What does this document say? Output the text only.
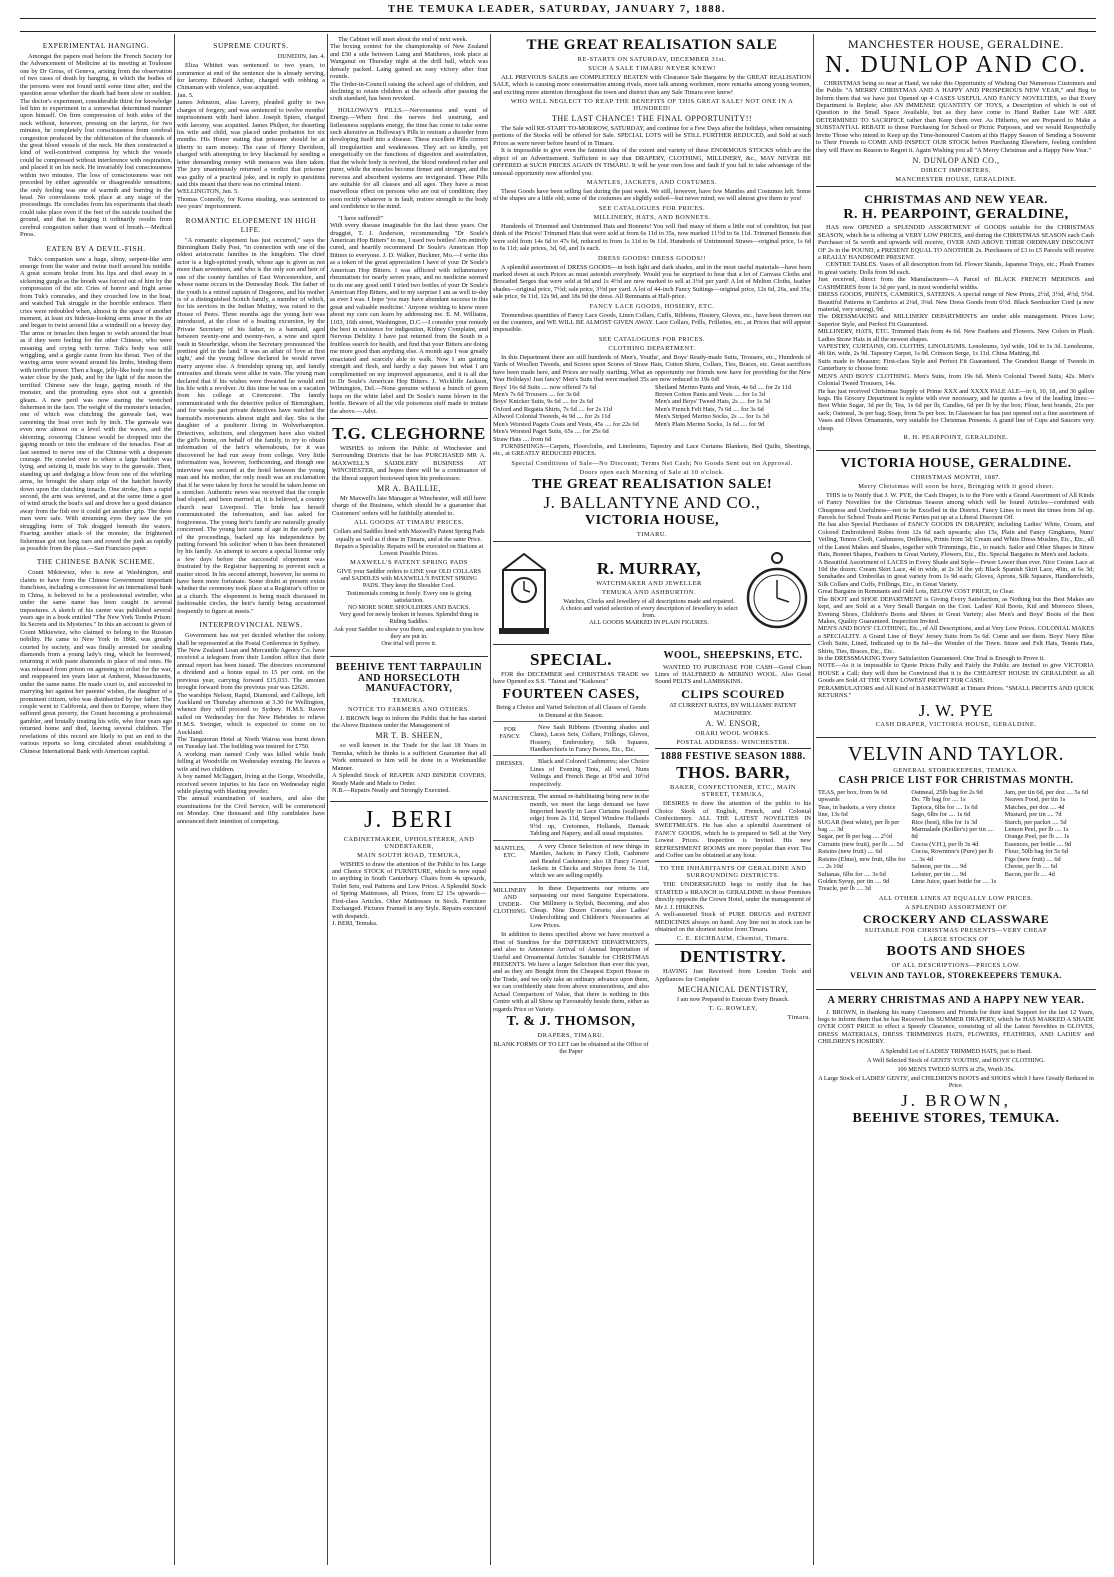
THE TEMUKA LEADER, SATURDAY, JANUARY 7, 1888.
EXPERIMENTAL HANGING.

Amongst the papers read before the French Society for the Advancement of Medicine at its meeting at Toulouse one by Dr Gross, of Geneva, arising from the observation of two cases of death by hanging, in which the bodies of the persons were not found until some time after, and the question arose whether the death had been slow or sudden. The doctor's experiment, considerable thirst for knowledge led him to experiment in a somewhat determined manner upon himself. On firm compression of both sides of the neck without, however, pressing on the larynx, for two minutes, he completely lost consciousness from cerebral congestion produced by the obliteration of the channels of the great blood vessels of the neck. He then constructed a kind of well-contrived compress by which the vessels could be compressed without interference with respiration, and placed it on his neck. He invariably lost consciousness within two minutes. The loss of consciousness was not preceded by either agreeable or disagreeable sensations; the only feeling was one of warmth and burning in the head. No convulsions took place at any stage of the proceedings. He concludes from his experiments that death could take place even if the feet of the suicide touched the ground, and that in hanging it ordinarily results from cerebral congestion rather than want of breath.—Medical Press.

EATEN BY A DEVIL-FISH.

Tuk's companion saw a huge, slimy, serpent-like arm emerge from the water and twine itself around his middle. A great scream broke from his lips and died away in a sickening gurgle as the breath was forced out of him by the compression of the stir. Cries of horror and fright arose from Tuk's comrades, and they crouched low in the boat, and watched Tuk struggle in the horrible embrace. Their cries were redoubled when, almost in the space of another moment, at least six hideous-looking arms arose in the air and began to twist around like a windmill on a breezy day. The arms or tenacles then began to swish around the boat as if they were feeling for the other Chinese, who were moaning and crying with terror. Tuk's body was still wriggling, and a gurgle came from his throat. Two of the waving arms were wound around his limbs, binding them with terrific power. Then a huge, jelly-like body rose in the water close by the junk, and by the light of the moon the terrified Chinese saw the huge, gaping mouth of the monster, and the protruding eyes shot out a greenish gleam. A new peril was now staring the wretched fishermen in the face. The weight of the monster's tenacles, one of which was clutching the gunwale fast, was careening the boat over inch by inch. The gunwale was even now almost on a level with the waves, and the shivering, cowering Chinese would be dropped into the gaping mouth or into the embrace of the tenacles. Fear at last seemed to nerve one of the Chinese with a desperate courage. He crawled over to where a large hatchet was lying, and seizing it, made his way to the gunwale. Then, standing up and dodging a blow from one of the whirling arms, he brought the sharp edge of the hatchet heavily down upon the clutching tenacle. One stroke, then a rapid second, the arm was severed, and at the same time a gust of wind struck the boat's sail and drove her a good distance away from the fish ere it could get another grip. The three men were safe. With streaming eyes they saw the yet struggling form of Tuk dragged beneath the waters. Fearing another attack of the monster, the frightened fisherman got out long oars and rowed the junk as rapidly as possible from the place.—San Francisco paper.

THE CHINESE BANK SCHEME.

Count Mikiewiez, who is now at Washington, and claims to have from the Chinese Government important franchises, including a concession for an international bank in China, is believed to be a professional swindler, who under the same name has been caught in several impostures. A sketch of his career was published several years ago in a book entitled "The New York Tombs Prison: Its Secrets and its Mysteries." In this an account is given of Count Mikiewiez, who claimed to belong to the Russian nobility. He came to New York in 1868, was greatly courted by society, and was finally arrested for stealing diamonds from a young lady's ring, which he borrowed, returning it with paste diamonds in place of real ones. He was released from prison on agreeing to enlist for the war, and reappeared ten years later at Amherst, Massachusetts, under the same name. He made court to, and succeeded in marrying her against her parents' wishes, the daughter of a prominent citizen, who was disinherited by her father. The couple went to California, and then to Europe, where they suffered great poverty, the Count becoming a professional gambler, and brutally treating his wife, who four years ago returned home and died, leaving several children. The revelations of this record are likely to put an end to the various reports so long circulated about establishing a Chinese International Bank with American capital.

SUPREME COURTS.
DUNEDIN, Jan. 4.

Eliza Whittet was sentenced to two years, to commence at end of the sentence she is already serving, for larceny. Edward Arthur, charged with robbing a Chinaman with violence, was acquitted.
Jan. 5.
James Johnston, alias Lavery, pleaded guilty to two charges of forgery, and was sentenced to twelve months' imprisonment with hard labor. Joseph Spiers, charged with larceny, was acquitted. James Philpot, for deserting his wife and child, was placed under probation for six months. His Honor stating that prisoner should be at liberty to earn money. The case of Henry Davidson, charged with attempting to levy blackmail by sending a letter demanding money with menaces was then taken. The jury unanimously returned a verdict that prisoner was guilty of a practical joke, and in reply to questions said this meant that there was no criminal intent.
WELLINGTON, Jan. 5.
Thomas Connolly, for Korea stealing, was sentenced to two years' imprisonment.

ROMANTIC ELOPEMENT IN HIGH LIFE.

"A romantic elopement has just occurred," says the Birmingham Daily Post, "in connection with one of the oldest aristocratic families in the kingdom. The chief actor is a high-spirited youth, whose age is given as not more than seventeen, and who is the only son and heir of one of the county families of East Worcestershire, and whose name occurs in the Domesday Book. The father of the youth is a retired captain of Dragoons, and his mother is of a distinguished Scotch family, a member of which, for his services in the Indian Mutiny, was raised to the House of Peers. Three months ago the young heir was introduced, at the close of a boating excursion, by the Private Secretary of his father, to a barmaid, aged between twenty-one and twenty-two, a wine and spirit vault in Stourbridge, whom the Secretary pronounced 'the prettiest girl in the land.' It was an affair of 'love at first sight,' and the young fellow declared he would never marry anyone else. A friendship sprang up, and family entreaties and threats were alike in vain. The young man declared that if his wishes were thwarted he would end his life with a revolver. At this time he was on a vacation from his college at Cirencester. The family communicated with the detective police of Birmingham, and for weeks past private detectives have watched the barmaid's movements almost night and day. She is the daughter of a poulterer living in Wolverhampton. Detectives, solicitors, and clergymen have also visited the girl's home, on behalf of the family, to try to obtain information of the heir's whereabouts, for it was discovered he had run away from college. Very little information was, however, forthcoming, and though one interview was secured at the hotel between the young man and his mother, the only result was an exclamation that if he were taken by force he would be taken home on a stretcher. Authentic news was received that the couple had eloped, and been married at, it is believed, a country church near Liverpool. The bride has herself communicated the information, and has asked for forgiveness. The young heir's family are naturally greatly concerned. The young heir came of age in the early part of the proceedings, backed up his independence by putting forward 'his solicitor' when it has been threatened by his family. An attempt to secure a special license only a few days before the successful elopement was frustrated by the Registrar happening to prevent such a matter stood. In his second attempt, however, he seems to have been more fortunate. Some doubt at present exists whether the ceremony took place at a Registrar's office or at a church. The elopement is being much discussed in fashionable circles, the heir's family being accustomed frequently to figure at meets."

INTERPROVINCIAL NEWS.

Government has not yet decided whether the colony shall be represented at the Postal Conference in Sydney.
The New Zealand Loan and Mercantile Agency Co. have received a telegram from their London office that their annual report has been issued. The directors recommend a dividend and a bonus equal to 15 per cent. on the previous year, carrying forward £15,033. The amount brought forward from the previous year was £2626.
The warships Nelson, Rapid, Diamond, and Calliope, left Auckland on Thursday afternoon at 3.30 for Wellington, whence they will proceed to Sydney. H.M.S. Raven sailed on Wednesday for the New Hebrides to relieve H.M.S. Swinger, which is expected to come on to Auckland.
The Tangatoran Hotel at North Wairoa was burnt down on Tuesday last. The building was insured for £750.
A working man named Cody was killed while bush felling at Woodville on Wednesday evening. He leaves a wife and two children.
A boy named McTaggart, living at the Gorge, Woodville, received severe injuries to his face on Wednesday night while playing with blasting powder.
The annual examination of teachers, and also the examinations for the Civil Service, will be commenced on Monday. One thousand and fifty candidates have announced their intention of competing.

The Cabinet will meet about the end of next week.
The boxing contest for the championship of New Zealand and £50 a side between Laing and Matthews, took place at Wanganui on Thursday night at the drill hall, which was densely packed. Laing gained an easy victory after four rounds.
The Order-in-Council raising the school age of children, and declining to retain children at the schools after passing the sixth standard, has been revoked.

HOLLOWAY'S PILLS.—Nervousness and want of Energy.—When first the nerves feel unstrung, and listlessness supplants energy, the time has come to take some such alterative as Holloway's Pills to restrain a disorder from developing itself into a disease. These excellent Pills correct all irregularities and weaknesses. They act so kindly, yet energetically on the functions of digestion and assimilation, that the whole body is revived, the blood rendered richer and purer, while the muscles become firmer and stronger, and the nervous and absorbent systems are invigorated. These Pills are suitable for all classes and all ages. They have a most marvellous effect on persons who are out of condition; they soon rectify whatever is in fault, restore strength to the body and confidence to the mind.

"I have suffered!"
With every disease imaginable for the last three years. Our druggist, T. J. Anderson, recommending "Dr Soule's American Hop Bitters" to me, I used two bottles! Am entirely cured, and heartily recommend Dr Soule's American Hop Bitters to everyone. J. D. Walker, Buckner, Mo.—I write this as a token of the great appreciation I have of your Dr Soule's American Hop Bitters. I was afflicted with inflammatory rheumatism for nearly seven years, and no medicine seemed to do me any good until I tried two bottles of your Dr Soule's American Hop Bitters, and to my surprise I am as well to-day as ever I was. I hope 'you may have abundant success in this great and valuable medicine.' Anyone wishing to know more about my cure can learn by addressing me. E. M. Williams, 1103, 16th street, Washington, D.C.—I consider your remedy the best in existence for indigestion, Kidney Complaint, and Nervous Debility. I have just returned from the South in a fruitless search for health, and find that your Bitters are doing me more good than anything else. A month ago I was greatly emaciated and scarcely able to walk. Now I am gaining strength and flesh, and hardly a day passes but what I am complimented on my improved appearance, and it is all due to Dr Soule's American Hop Bitters. J. Wickliffe Jackson, Wilmington, Del.—None genuine without a bunch of green hops on the white label and Dr Soule's name blown in the bottle. Beware of all the vile poisonous stuff made to imitate the above.—Advt.

T.G. CLEGHORNE

WISHES to inform the Public of Winchester and Surrounding Districts that he has PURCHASED MR A. MAXWELL'S SADDLERY BUSINESS AT WINCHESTER, and hopes there will be a continuance of the liberal support bestowed upon his predecessor.

MR A. BAILLIE,

Mr Maxwell's late Manager at Winchester, will still have charge of the Business, which should be a guarantee that Customers' orders will be faithfully attended to.

ALL GOODS AT TIMARU PRICES.

Collars and Saddles lined with Maxwell's Patent Spring Pads equally as well as if done in Timaru, and at the same Price.
Repairs a Speciality. Repairs will be executed on Stations at Lowest Possible Prices.

MAXWELL'S PATENT SPRING PADS

GIVE your Saddler orders to LINE your OLD COLLARS and SADDLES with MAXWELL'S PATENT SPRING PADS. They keep the Shoulder Cool.
Testimonials coming in freely. Every one is giving satisfaction.
NO MORE SORE SHOULDERS AND BACKS.
Very good for newly broken in horses. Splendid thing in Riding Saddles.
Ask your Saddler to show you them, and explain to you how they are put in.
One trial will prove it.

BEEHIVE TENT TARPAULIN AND HORSECLOTH MANUFACTORY,
TEMUKA.
NOTICE TO FARMERS AND OTHERS.

J. BROWN begs to inform the Public that he has started the Above Business under the Management of

MR T. B. SHEEN,

so well known in the Trade for the last 18 Years in Temuka, which he thinks is a sufficient Guarantee that all Work entrusted to him will be done in a Workmanlike Manner.
A Splendid Stock of REAPER AND BINDER COVERS, Ready Made and Made to Order.
N.B.—Repairs Neatly and Strongly Executed.

J. BERI
CABINETMAKER, UPHOLSTERER, AND UNDERTAKER,
MAIN SOUTH ROAD, TEMUKA,

WISHES to draw the attention of the Public to his Large and Choice STOCK of FURNITURE, which is now equal to anything in South Canterbury. Chairs from 4s upwards, Toilet Sets, real Patterns and Low Prices. A Splendid Stock of Spring Mattresses, all Prices, from £2 15s upwards—First-class Articles. Other Mattresses in Stock. Furniture Exchanged. Pictures Framed in any Style. Repairs executed with despatch.
J. BERI, Temuka.

THE GREAT REALISATION SALE
RE-STARTS ON SATURDAY, DECEMBER 31st.
SUCH A SALE TIMARU NEVER KNEW!

ALL PREVIOUS SALES are COMPLETELY BEATEN with Clearance Sale Bargains by the GREAT REALISATION SALE, which is causing more consternation among rivals, more talk among workmen, more remarks among young women, and exciting more attention throughout the town and district than any Sale Timaru ever knew!

WHO WILL NEGLECT TO REAP THE BENEFITS OF THIS GREAT SALE? NOT ONE IN A HUNDRED!
THE LAST CHANCE! THE FINAL OPPORTUNITY!!

The Sale will RE-START TO-MORROW, SATURDAY, and continue for a Few Days after the holidays, when remaining portions of the Stocks will be offered for Sale. SPECIAL LOTS will be STILL FURTHER REDUCED, and Sold at such Prices as were never before heard of in Timaru.

It is impossible to give even the faintest idea of the extent and variety of these ENORMOUS STOCKS which are the object of an Advertisement. Sufficient to say that DRAPERY, CLOTHING, MILLINERY, &c., MAY NEVER BE OFFERED at SUCH PRICES AGAIN IN TIMARU. It will be your own loss and fault if you fail to take advantage of the unusual opportunity now afforded you.

MANTLES, JACKETS, AND COSTUMES.

These Goods have been selling fast during the past week. We still, however, have few Mantles and Costumes left. Some of the shapes are a little old; some of the costumes are slightly soiled—but never mind; we will almost give them to you!

SEE CATALOGUES FOR PRICES.
MILLINERY, HATS, AND BONNETS.

Hundreds of Trimmed and Untrimmed Hats and Bonnets! You will find many of them a little out of condition, but just think of the Prices! Trimmed Hats that were sold at from 6s 11d to 35s, now marked 11½d to 6s 11d. Trimmed Bonnets that were sold from 14s 6d to 47s 6d, reduced to from 1s 11d to 9s 11d. Hundreds of Untrimmed Straws—original price, 1s 6d to 6s 11d; sale prices, 3d, 6d, and 1s each.

DRESS GOODS! DRESS GOODS!!

A splendid assortment of DRESS GOODS—in both light and dark shades, and in the most useful materials—have been marked down at such Prices as must astonish everybody. Would you be surprised to hear that a lot of Canvass Cloths and Brocaded Serges that were sold at 9d and 1s 4½d are now marked to sell at 3½d per yard! A lot of Melton Cloths, leather shades—original price, 7½d; sale price, 3½d per yard. A lot of 44-inch Fancy Suitings—original price, 12s 6d, 26s, and 35s; sale price, 9s 11d, 12s 9d, and 18s 9d the dress. All Remnants at Half-price.

FANCY LACE GOODS, HOSIERY, ETC.

Tremendous quantities of Fancy Lace Goods, Linen Collars, Cuffs, Ribbons, Hosiery, Gloves, etc., have been thrown out on the counters, and WE WILL BE ALMOST GIVEN AWAY. Lace Collars, Frills, Frillettes, etc., at Prices that will appear impossible.

SEE CATALOGUES FOR PRICES.
CLOTHING DEPARTMENT.

In this Department there are still hundreds of Men's, Youths', and Boys' Ready-made Suits, Trousers, etc., Hundreds of Yards of Woollen Tweeds, and Scores upon Scores of Straw Hats, Cotton Shirts, Collars, Ties, Braces, etc. Great sacrifices have been made here, and Prices are really startling. What an opportunity our friends now have for providing for the New Year Holidays! Just fancy! Men's Suits that were marked 35s are now reduced to 19s 6d!

Boys' 16s 6d Suits .... now offered 7s 6d
Men's 7s 6d Trousers .... for 3s 6d
Boys' Knicker Suits, 9s 6d .... for 2s 6d
Oxford and Regatta Shirts, 7s 6d .... for 2s 11d
Allwool Colonial Tweeds, 4s 9d .... for 2s 11d
Men's Worsted Pagets Coats and Vests, 45s .... for 22s 6d
Men's Worsted Paget Suits, 65s .... for 25s 6d
Straw Hats .... from 6d
Shetland Merino Pants and Vests, 4s 6d .... for 2s 11d
Brown Cotton Pants and Vests .... for 1s 3d
Men's and Boys' Tweed Hats, 2s .... for 1s 3d
Men's French Felt Hats, 7s 6d .... for 3s 6d
Men's Striped Merino Socks, 2s .... for 1s 3d
Men's Plain Merino Socks, 1s 6d .... for 9d

FURNISHINGS—Carpets, Floorcloths, and Linoleums, Tapestry and Lace Curtains Blankets, Bed Quilts, Sheetings, etc., at GREATLY REDUCED PRICES.

Special Conditions of Sale—No Discount; Terms Net Cash; No Goods Sent out on Approval.
Doors open each Morning of Sale at 10 o'clock.
THE GREAT REALISATION SALE!
J. BALLANTYNE AND CO.,
VICTORIA HOUSE,
TIMARU.
R. MURRAY,
WATCHMAKER AND JEWELLER
TEMUKA AND ASHBURTON.

Watches, Clocks and Jewellery of all descriptions made and repaired.
A choice and varied selection of every description of Jewellery to select from.
ALL GOODS MARKED IN PLAIN FIGURES.

SPECIAL.

FOR the DECEMBER and CHRISTMAS TRADE we have Opened ex S.S. "Tainui and "Kaikoura"

FOURTEEN CASES,

Being a Choice and Varied Selection of all Classes of Goods in Demand at this Season.

FOR FANCY.
New Sash Ribbons (Evening shades and Clans), Laces Sets, Collars, Frillings, Gloves, Hosiery, Embroidery, Silk Squares, Handkerchiefs in Fancy Boxes, Etc., Etc.
DRESSES.	Black and Colored Cashmeres; also Choice Lines of Evening Tints, all wool, Nuns Veilings and French Bege at 8½d and 10½d respectively.
MANCHESTER. The annual re-habilitating being now in the month, we meet the large demand we have Imported heavily in Lace Curtains (scalloped edge) from 2s 11d, Striped Window Hollands 9½d up, Cretonnes, Hollands, Damask Tabling and Napery, and all usual requisites.
MANTLES, ETC.
A very Choice Selection of new things in Mantles, Jackets in Fancy Cloth, Cashmere and Beaded Cashmere; also 18 Fancy Covert Jackets in Checks and Stripes from 3s 11d, which we are selling rapidly.
MILLINERY AND UNDER-CLOTHING.
In these Departments our returns are surpassing our most Sanguine Expectations. Our Millinery is Stylish, Becoming, and also Cheap. Nine Dozen Corsets; also Ladies' Underclothing and Children's Necessaries at Low Prices.

In addition to items specified above we have received a Host of Sundries for the DIFFERENT DEPARTMENTS, and also to Announce Arrival of Annual Importation of Useful and Ornamental Articles Suitable for CHRISTMAS PRESENTS. We have a larger Selection than ever this year, and as they are Bought from the Cheapest Export House in the Trade, and we only take an ordinary advance upon them, we can confidently state from above enumerations, and also Actual Comparison of Value, that there is nothing in this Centre with at all Show up Favourably beside them, either as regards Price or Variety.

T. & J. THOMSON,
DRAPERS, TIMARU.

BLANK FORMS OF TO LET can be obtained at the Office of the Paper

WOOL, SHEEPSKINS, ETC.

WANTED TO PURCHASE FOR CASH—Good Clean Lines of HALFBRED & MERINO WOOL. Also Good Sound PELTS and LAMBSKINS.

CLIPS SCOURED

AT CURRENT RATES, BY WILLIAMS' PATENT MACHINERY.

A. W. ENSOR,
ORARI WOOL WORKS.
POSTAL ADDRESS: WINCHESTER.
1888 FESTIVE SEASON 1888.
THOS. BARR,
BAKER, CONFECTIONER, ETC., MAIN STREET, TEMUKA,

DESIRES to draw the attention of the public to his Choice Stock of English, French, and Colonial Confectionery. ALL THE LATEST NOVELTIES IN SWEETMEATS. He has also a splendid Assortment of FANCY GOODS, which he is prepared to Sell at the Very Lowest Prices. Inspection is Invited. His new REFRESHMENT ROOMS are more popular than ever. Tea and Coffee can be obtained at any hour.

TO THE INHABITANTS OF GERALDINE AND SURROUNDING DISTRICTS.

THE UNDERSIGNED begs to notify that he has STARTED a BRANCH in GERALDINE in those Premises directly opposite the Crown Hotel, under the management of Mr J. J. HISKENS.
A well-assorted Stock of PURE DRUGS and PATENT MEDICINES always on hand. Any line not in stock can be obtained on the shortest notice from Timaru.

C. E. EICHBAUM, Chemist, Timaru.
DENTISTRY.

HAVING Just Received from London Tools and Appliances for Complete

MECHANICAL DENTISTRY,

I am now Prepared to Execute Every Branch.

T. G. ROWLEY,
Timaru.
MANCHESTER HOUSE, GERALDINE.
N. DUNLOP AND CO.

CHRISTMAS being so near at Hand, we take this Opportunity of Wishing Our Numerous Customers and the Public "A MERRY CHRISTMAS AND A HAPPY AND PROSPEROUS NEW YEAR," and Beg to Inform them that we have just Opened up 4 CASES USEFUL AND FANCY NOVELTIES, so that Every Department is Replete; also AN IMMENSE QUANTITY OF TOYS, a Description of which is out of Question in the Small Space Available, but as they have come to Hand Rather Late WE ARE DETERMINED TO SACRIFICE rather than Keep them over. As Hitherto, we are Prepared to Make a SUBSTANTIAL REBATE to those Purchasing for School or Picnic Purposes, and we would Respectfully Invite Those who intend to Keep up the Time-honoured Custom at this Happy Season of Sending a Souvenir to Their Friends to COME AND INSPECT OUR STOCK before Purchasing Elsewhere, feeling confident they will Have no Reason to Regret it. Again Wishing you all "A Merry Christmas and a Happy New Year."

N. DUNLOP AND CO.,
DIRECT IMPORTERS,
MANCHESTER HOUSE, GERALDINE.
CHRISTMAS AND NEW YEAR.
R. H. PEARPOINT, GERALDINE,

HAS now OPENED a SPLENDID ASSORTMENT of GOODS suitable for the CHRISTMAS SEASON, which he is offering at VERY LOW PRICES, and during the CHRISTMAS SEASON each Cash Purchaser of 5s worth and upwards will receive, OVER AND ABOVE THEIR ORDINARY DISCOUNT OF 2s in the POUND, a PRESENT EQUAL TO ANOTHER 2s. Purchasers of £3 to £5 Parcels will receive a REALLY HANDSOME PRESENT.

CENTRE TABLES. Vases of all description from 6d. Flower Stands, Japanese Trays, etc.; Plush Frames in great variety. Dolls from 9d each.
Just received, direct from the Manufacturers—A Parcel of BLACK FRENCH MERINOS and CASHMERES from 1s 3d per yard, in most wonderful widths.
DRESS GOODS, PRINTS, CAMBRICS, SATEENS. A special range of New Prints, 2½d, 3½d, 4½d, 5½d. Beautiful Patterns in Cambrics at 2¼d, 3¼d. New Dress Goods from 6½d. Black Seedsucker Cord (a new material, very strong), 9d.
The DRESSMAKING and MILLINERY DEPARTMENTS are under able management. Prices Low; Superior Style, and Perfect Fit Guaranteed.
MILLINERY, HATS, ETC. Trimmed Hats from 4s 6d. New Feathers and Flowers. New Colors in Plush. Ladies Straw Hats in all the newest shapes.
VAPESTRY, CURTAINS, OIL CLOTHS, LINOLEUMS. Lenoleums, 1yd wide, 10d to 1s 3d. Lenoleums, 4ft 6in. wide, 2s 9d. Tapestry Carpet, 1s 9d. Crimson Serge, 1s 11d. China Matting, 8d.
Suits made to Measure; First-class Style and Perfect Fit Guaranteed. The Grandest Range of Tweeds in Canterbury to choose from:
MEN'S AND BOYS' CLOTHING. Men's Suits, from 19s 6d. Men's Colonial Tweed Suits, 42s. Men's Colonial Tweed Trousers, 14s.
He has just received Christmas Supply of Prime XXX and XXXX PALE ALE—in 6, 10, 18, and 36 gallon kegs. His Grocery Department is replete with ever necessary, and he quotes a few of the leading lines:—Best White Sugar, 3d per lb; Tea, 1s 6d per lb; Candles, 6d per lb by the box; Flour, best brands, 21s per sack; Oatmeal, 3s per bag; Soap, from 5s per box. In Glassware he has just opened out a fine assortment of Vases and Olives Ornaments, very suitable for Christmas Presents. A grand line of Cups and Saucers very cheap.

R. H. PEARPOINT, GERALDINE.
VICTORIA HOUSE, GERALDINE.
CHRISTMAS MONTH, 1887.
Merry Christmas will soon be here, Bringing with it good cheer.

THIS is to Notify that J. W. PYE, the Cash Draper, is to the Fore with a Grand Assortment of All Kinds of Fancy Novelties for the Christmas Season among which will be found Articles—combined with Cheapness and Usefulness—not to be Excelled in the District. Fancy Lines to meet the times from 3d up. Parcels for School Treats and Picnic Parties put up at a Liberal Discount Off.
He has also Special Purchases of FANCY GOODS IN DRAPERY, including Ladies' White, Cream, and Colored Embroidered Robes from 12s 6d each upwards; also 15s, Plain and Fancy Ginghams, Nuns' Veiling, Tennis Cloth, Cashmeres, Drillettes, Prints from 3d; Cream and White Dress Muslins, Etc., Etc., all of the Latest Makes and Shades, together with Trimmings, Etc., to match. Sailor and Other Shapes in Straw Hats, Bonnet Shapes, Feathers in Great Variety, Flowers, Etc., Etc. Special Bargains in Men's and Jackets.
A Beautiful Assortment of LACES in Every Shade and Style—Fewer Lower than ever. Nice Cream Lace at 10d the dozen; Cream Skirt Lace, 4d in wide, at 2s 3d the yd; Black Spanish Skirt Lace, 40in, at 6s 3d; Sunshades and Umbrellas in great variety from 1s 9d each; Gloves, Aprons, Silk Squares, Handkerchiefs, Silk Collars and Cuffs, Frillings, Etc., in Great Variety.
Great Bargains in Remnants and Odd Lots, BELOW COST PRICE, to Clear.
The BOOT and SHOE DEPARTMENT is Giving Every Satisfaction, as Nothing but the Best Makes are kept, and are Sold at a Very Small Bargain on the Cost. Ladies' Kid Boots, Kid and Morocco Shoes, Evening Shoes, Children's Boots and Shoes in Great Variety; also Men's and Boys' Boots of the Best Makes, Quality Guaranteed. Inspection Invited.
MEN'S AND BOYS' CLOTHING, Etc., of All Descriptions, and at Very Low Prices. COLONIAL MAKES a SPECIALITY. A Grand Line of Boys' Jersey Suits from 5s 6d. Come and see them. Boys' Navy Blue Cloth Suits, Lined, Indicated up to 8s 6d—the Wonder of the Town. Straw and Felt Hats, Tennis Hats, Shirts, Ties, Braces, Etc., Etc.
In the DRESSMAKING Every Satisfaction Guaranteed. One Trial is Enough to Prove it.
NOTE—As it is impossible to Quote Prices Fully and Fairly the Public are Invited to give VICTORIA HOUSE a Call; they will then be Convinced that it is the CHEAPEST HOUSE IN GERALDINE as all Goods are Sold AT THE VERY LOWEST PROFIT FOR CASH.
PERAMBULATORS and All Kind of BASKETWARE at Timaru Prices. "SMALL PROFITS AND QUICK RETURNS."

J. W. PYE
CASH DRAPER, VICTORIA HOUSE, GERALDINE.
VELVIN AND TAYLOR.
GENERAL STOREKEEPERS, TEMUKA.
CASH PRICE LIST FOR CHRISTMAS MONTH.
TEAS, per box, from 9s 6d upwards
Teas, in baskets, a very choice line, 13s 6d
SUGAR (best white), per lb per bag .... 3d
Sugar, per lb per bag .... 2½d
Currants (new fruit), per lb .... 5d
Raisins (new fruit) .... 6d
Raisins (Elme), new fruit, 6lbs for .... 2s 10d
Sultanas, 6lbs for .... 3s 6d
Golden Syrup, per tin .... 9d
Treacle, per lb .... 3d
Oatmeal, 25lb bag for 2s 9d
Do. 7lb bag for .... 1s
Tapioca, 6lbs for .... 1s 6d
Sago, 6lbs for .... 1s 6d
Rice (best), 6lbs for 1s 3d
Marmalade (Keiller's) per tin .... 8d
Cocoa (V.H.), per lb 3s 4d
Cocoa, Rowntree's (Pure) per lb .... 3s 4d
Salmon, per tin .... 9d
Lobster, per tin .... 9d
Lime Juice, quart bottle for .... 1s
Jam, per tin 6d, per doz .... 5s 6d
Neaves Food, per tin 1s
Matches, per doz .... 4d
Mustard, per tin .... 7d
Starch, per packet .... 5d
Lemon Peel, per lb .... 1s
Orange Peel, per lb .... 1s
Essences, per bottle .... 9d
Flour, 50lb bag for 5s 6d
Figs (new fruit) .... 6d
Cheese, per lb .... 6d
Bacon, per lb .... 4d
ALL OTHER LINES AT EQUALLY LOW PRICES.
A SPLENDID ASSORTMENT OF
CROCKERY AND CLASSWARE
SUITABLE FOR CHRISTMAS PRESENTS—VERY CHEAP
LARGE STOCKS OF
BOOTS AND SHOES
OF ALL DESCRIPTIONS—PRICES LOW.
VELVIN AND TAYLOR, STOREKEEPERS TEMUKA.
A MERRY CHRISTMAS AND A HAPPY NEW YEAR.

J. BROWN, in thanking his many Customers and Friends for their kind Support for the last 12 Years, begs to inform them that he has Received his SUMMER DRAPERY, which he HAS MARKED A SHADE OVER COST PRICE to effect a Speedy Clearance, consisting of all the Latest Novelties in GLOVES, DRESS MATERIALS, DRESS TRIMMINGS HATS, FLOWERS, FEATHERS, AND LADIES' and CHILDREN'S HOSIERY.

A Splendid Lot of LADIES' TRIMMED HATS, just to Hand.

A Well Selected Stock of GENTS' YOUTHS', and BOYS' CLOTHING.

100 MEN'S TWEED SUITS at 25s, Worth 35s.

A Large Stock of LADIES' GENTS', and CHILDREN'S BOOTS and SHOES which I have Greatly Reduced in Price.

J. BROWN,
BEEHIVE STORES, TEMUKA.
